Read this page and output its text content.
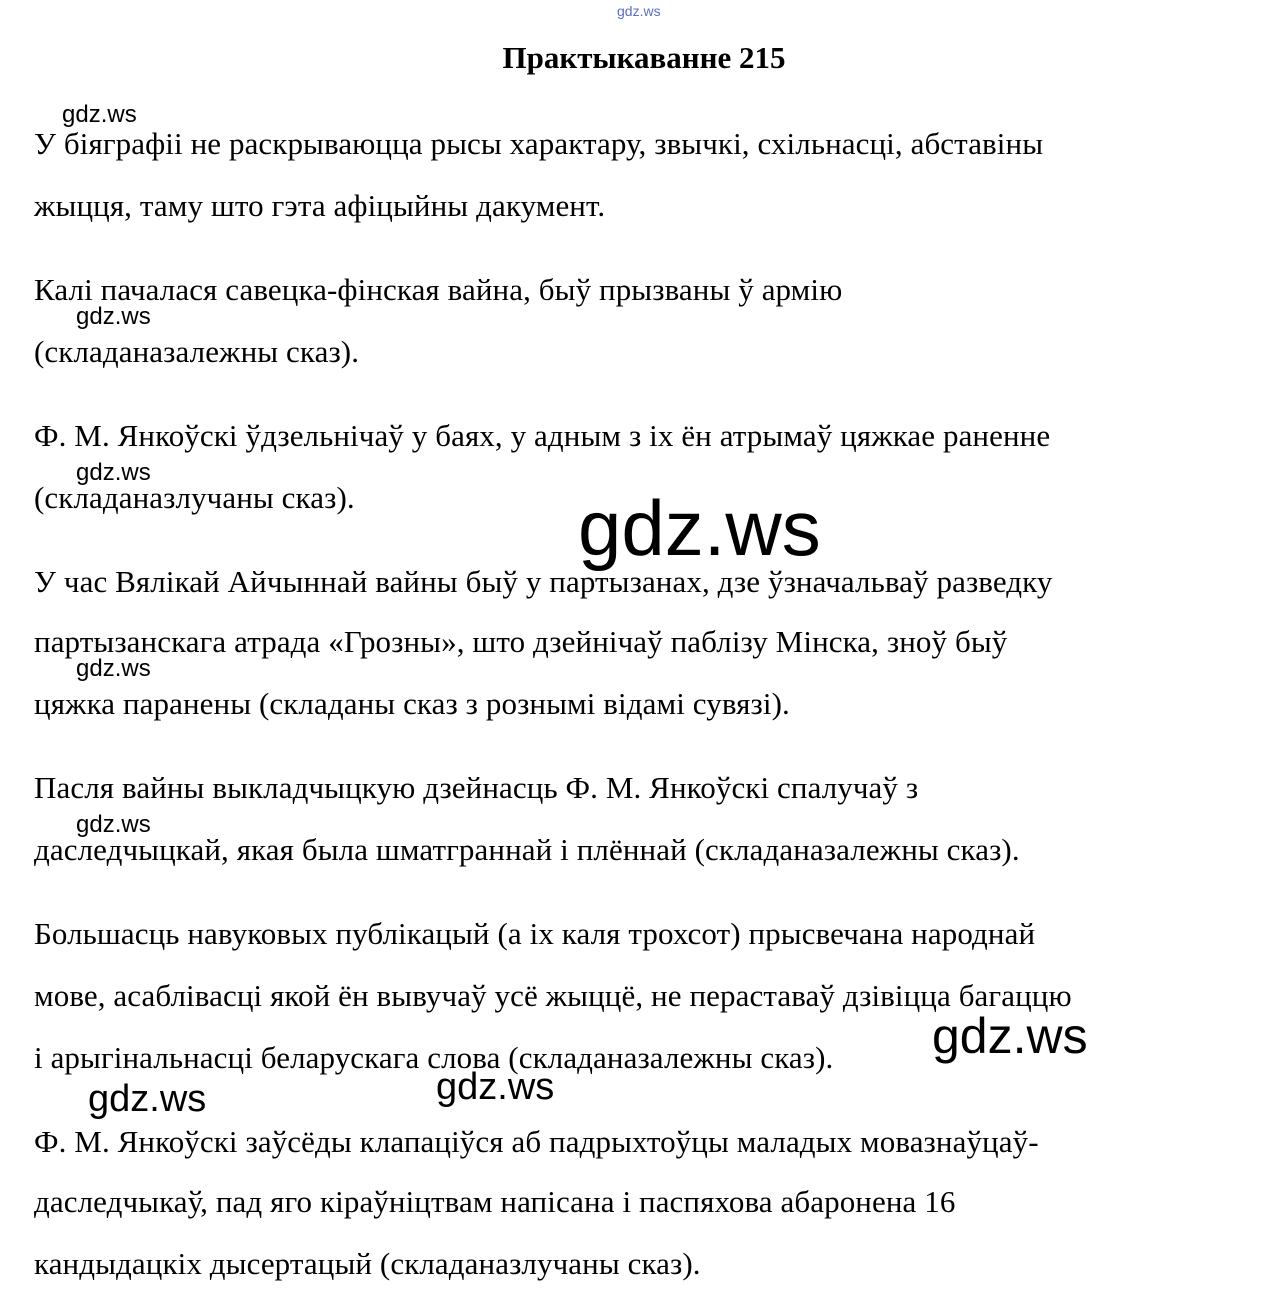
gdz.ws
Практыкаванне 215
gdz.ws
У біяграфіі не раскрываюцца рысы характару, звычкі, схільнасці, абставіны
жыцця, таму што гэта афіцыйны дакумент.
Калі пачалася савецка-фінская вайна, быў прызваны ў армію
gdz.ws
(складаназалежны сказ).
Ф. М. Янкоўскі ўдзельнічаў у баях, у адным з іх ён атрымаў цяжкае раненне
gdz.ws
(складаназлучаны сказ).	gdz.ws
У час Вялікай Айчыннай вайны быў у партызанах, дзе ўзначальваў разведку
партызанскага атрада «Грозны», што дзейнічаў паблізу Мінска, зноў быў
gdz.ws
цяжка паранены (складаны сказ з рознымі відамі сувязі).
Пасля вайны выкладчыцкую дзейнасць Ф. М. Янкоўскі спалучаў з
gdz.ws
даследчыцкай, якая была шматграннай і плённай (складаназалежны сказ).
Большасць навуковых публікацый (а іх каля трохсот) прысвечана народнай
мове, асаблівасці якой ён вывучаў усё жыццё, не пераставаў дзівіцца багаццю
і арыгінальнасці беларускага слова (складаназалежны сказ). gdz.ws
gdz.ws	gdz.ws
Ф. М. Янкоўскі заўсёды клапаціўся аб падрыхтоўцы маладых мовазнаўцаў-
даследчыкаў, пад яго кіраўніцтвам напісана і паспяхова абаронена 16
кандыдацкіх дысертацый (складаназлучаны сказ).
